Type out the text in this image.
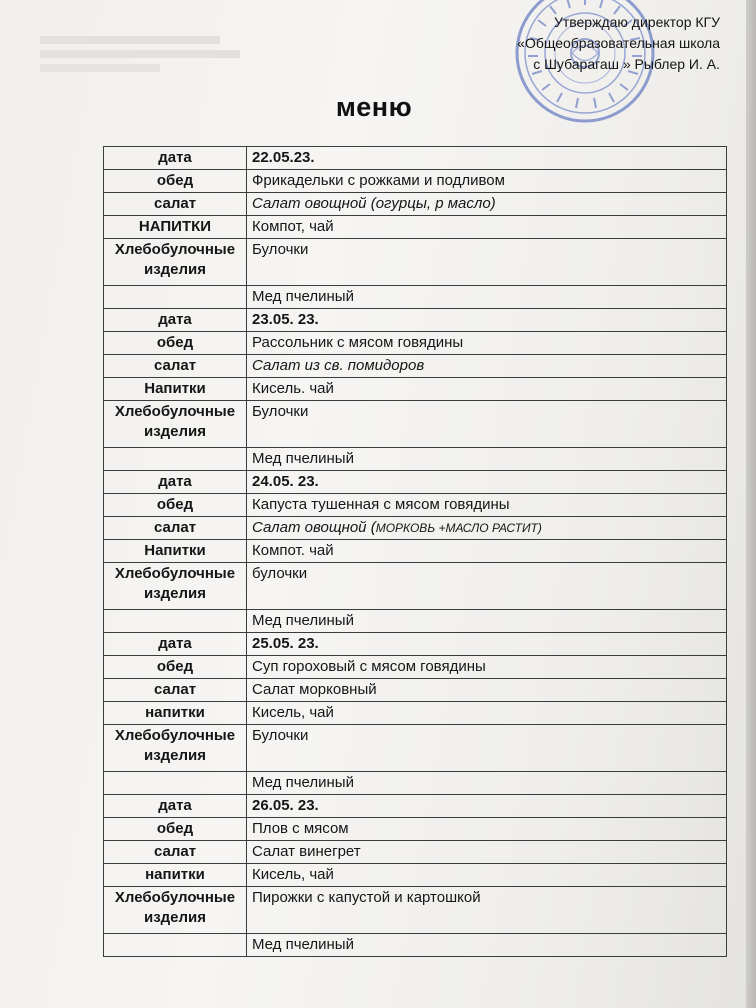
Утверждаю директор КГУ
«Общеобразовательная школа
с Шубарагаш » Рыблер И. А.
меню
дата	22.05.23.
обед	Фрикадельки с рожками и подливом
салат	Салат овощной (огурцы, р масло)
НАПИТКИ	Компот, чай
Хлебобулочные изделия	Булочки
	Мед пчелиный
дата	23.05. 23.
обед	Рассольник с мясом говядины
салат	Салат из св. помидоров
Напитки	Кисель. чай
Хлебобулочные изделия	Булочки
	Мед пчелиный
дата	24.05. 23.
обед	Капуста тушенная с мясом говядины
салат	Салат овощной (МОРКОВЬ +МАСЛО РАСТИТ)
Напитки	Компот. чай
Хлебобулочные изделия	булочки
	Мед пчелиный
дата	25.05. 23.
обед	Суп гороховый с мясом говядины
салат	Салат морковный
напитки	Кисель, чай
Хлебобулочные изделия	Булочки
	Мед пчелиный
дата	26.05. 23.
обед	Плов с мясом
салат	Салат винегрет
напитки	Кисель, чай
Хлебобулочные изделия	Пирожки с капустой и картошкой
	Мед пчелиный
